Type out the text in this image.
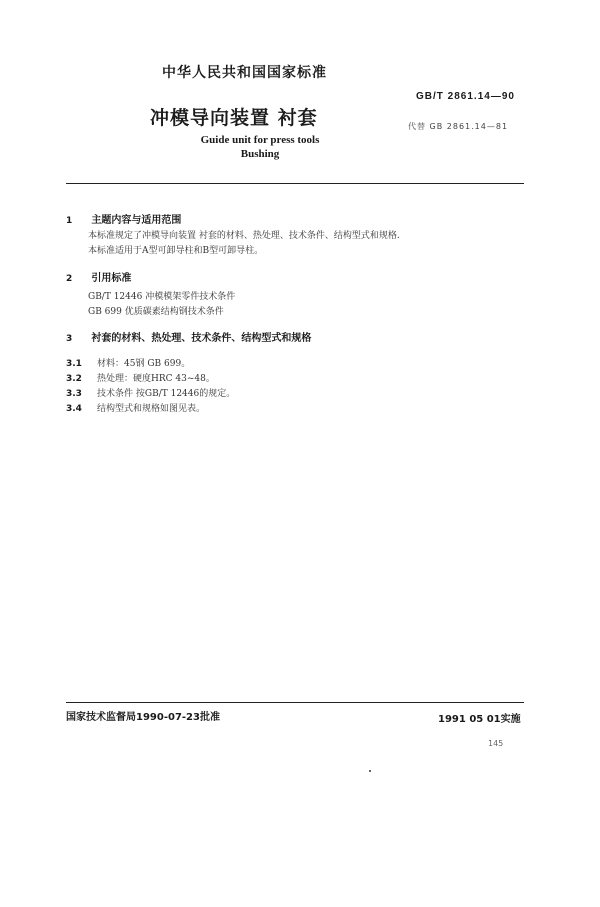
中华人民共和国国家标准
冲模导向装置 衬套
Guide unit for press tools
Bushing
GB/T 2861.14—90
代替 GB 2861.14—81
1 主题内容与适用范围
本标准规定了冲模导向装置 衬套的材料、热处理、技术条件、结构型式和规格.
本标准适用于A型可卸导柱和B型可卸导柱。
2 引用标准
GB/T 12446 冲模模架零件技术条件
GB 699 优质碳素结构钢技术条件
3 衬套的材料、热处理、技术条件、结构型式和规格
3.1 材料：45钢 GB 699。
3.2 热处理：硬度HRC 43~48。
3.3 技术条件 按GB/T 12446的规定。
3.4 结构型式和规格如图见表。
国家技术监督局1990-07-23批准	1991 05 01实施
145
